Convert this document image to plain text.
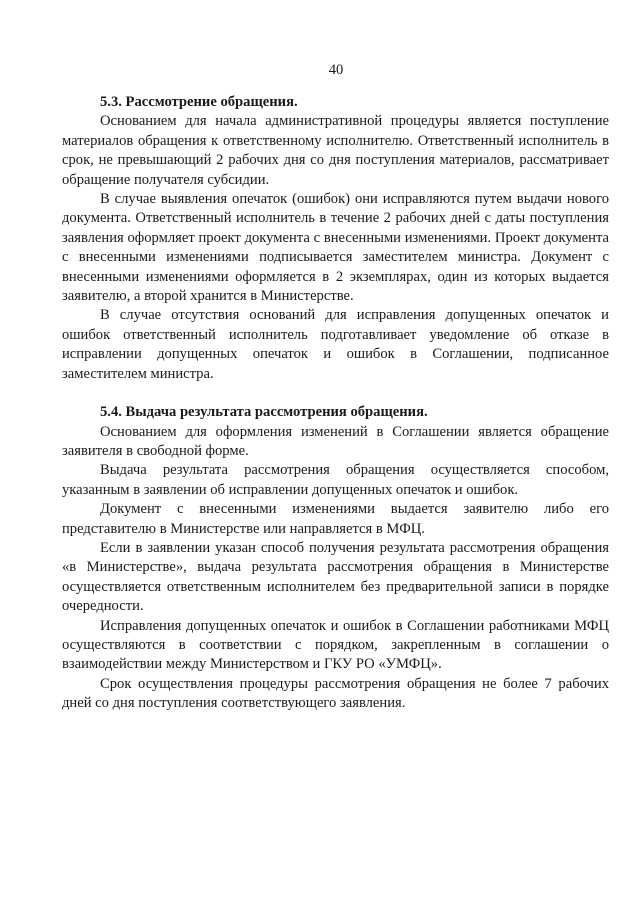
40

5.3. Рассмотрение обращения.

Основанием для начала административной процедуры является поступление материалов обращения к ответственному исполнителю. Ответственный исполнитель в срок, не превышающий 2 рабочих дня со дня поступления материалов, рассматривает обращение получателя субсидии.

В случае выявления опечаток (ошибок) они исправляются путем выдачи нового документа. Ответственный исполнитель в течение 2 рабочих дней с даты поступления заявления оформляет проект документа с внесенными изменениями. Проект документа с внесенными изменениями подписывается заместителем министра. Документ с внесенными изменениями оформляется в 2 экземплярах, один из которых выдается заявителю, а второй хранится в Министерстве.

В случае отсутствия оснований для исправления допущенных опечаток и ошибок ответственный исполнитель подготавливает уведомление об отказе в исправлении допущенных опечаток и ошибок в Соглашении, подписанное заместителем министра.

5.4. Выдача результата рассмотрения обращения.

Основанием для оформления изменений в Соглашении является обращение заявителя в свободной форме.

Выдача результата рассмотрения обращения осуществляется способом, указанным в заявлении об исправлении допущенных опечаток и ошибок.

Документ с внесенными изменениями выдается заявителю либо его представителю в Министерстве или направляется в МФЦ.

Если в заявлении указан способ получения результата рассмотрения обращения «в Министерстве», выдача результата рассмотрения обращения в Министерстве осуществляется ответственным исполнителем без предварительной записи в порядке очередности.

Исправления допущенных опечаток и ошибок в Соглашении работниками МФЦ осуществляются в соответствии с порядком, закрепленным в соглашении о взаимодействии между Министерством и ГКУ РО «УМФЦ».

Срок осуществления процедуры рассмотрения обращения не более 7 рабочих дней со дня поступления соответствующего заявления.
